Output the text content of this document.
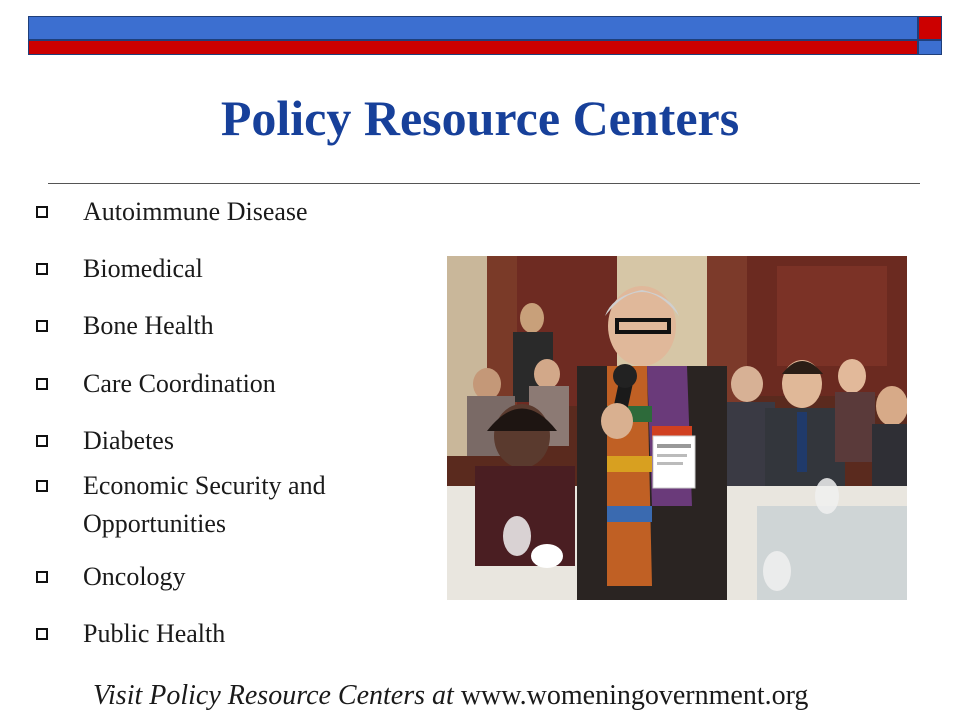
Policy Resource Centers
Autoimmune Disease
Biomedical
Bone Health
Care Coordination
Diabetes
Economic Security and
Opportunities
Oncology
Public Health
Visit Policy Resource Centers at www.womeningovernment.org
